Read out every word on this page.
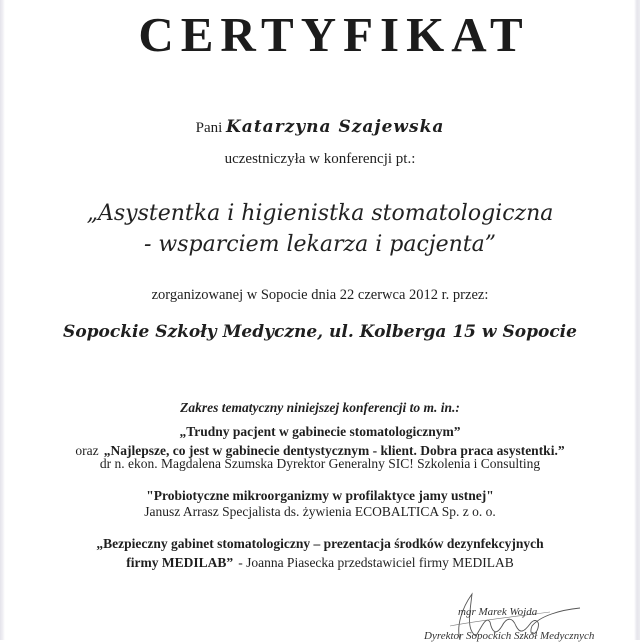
CERTYFIKAT
Pani Katarzyna Szajewska
uczestniczyła w konferencji pt.:
„Asystentka i higienistka stomatologiczna
- wsparciem lekarza i pacjenta”
zorganizowanej w Sopocie dnia 22 czerwca 2012 r. przez:
Sopockie Szkoły Medyczne, ul. Kolberga 15 w Sopocie
Zakres tematyczny niniejszej konferencji to m. in.:
„Trudny pacjent w gabinecie stomatologicznym”
oraz „Najlepsze, co jest w gabinecie dentystycznym - klient. Dobra praca asystentki.”
dr n. ekon. Magdalena Szumska Dyrektor Generalny SIC! Szkolenia i Consulting
"Probiotyczne mikroorganizmy w profilaktyce jamy ustnej"
Janusz Arrasz Specjalista ds. żywienia ECOBALTICA Sp. z o. o.
„Bezpieczny gabinet stomatologiczny – prezentacja środków dezynfekcyjnych
firmy MEDILAB” - Joanna Piasecka przedstawiciel firmy MEDILAB
mgr Marek Wojda
Dyrektor Sopockich Szkół Medycznych
